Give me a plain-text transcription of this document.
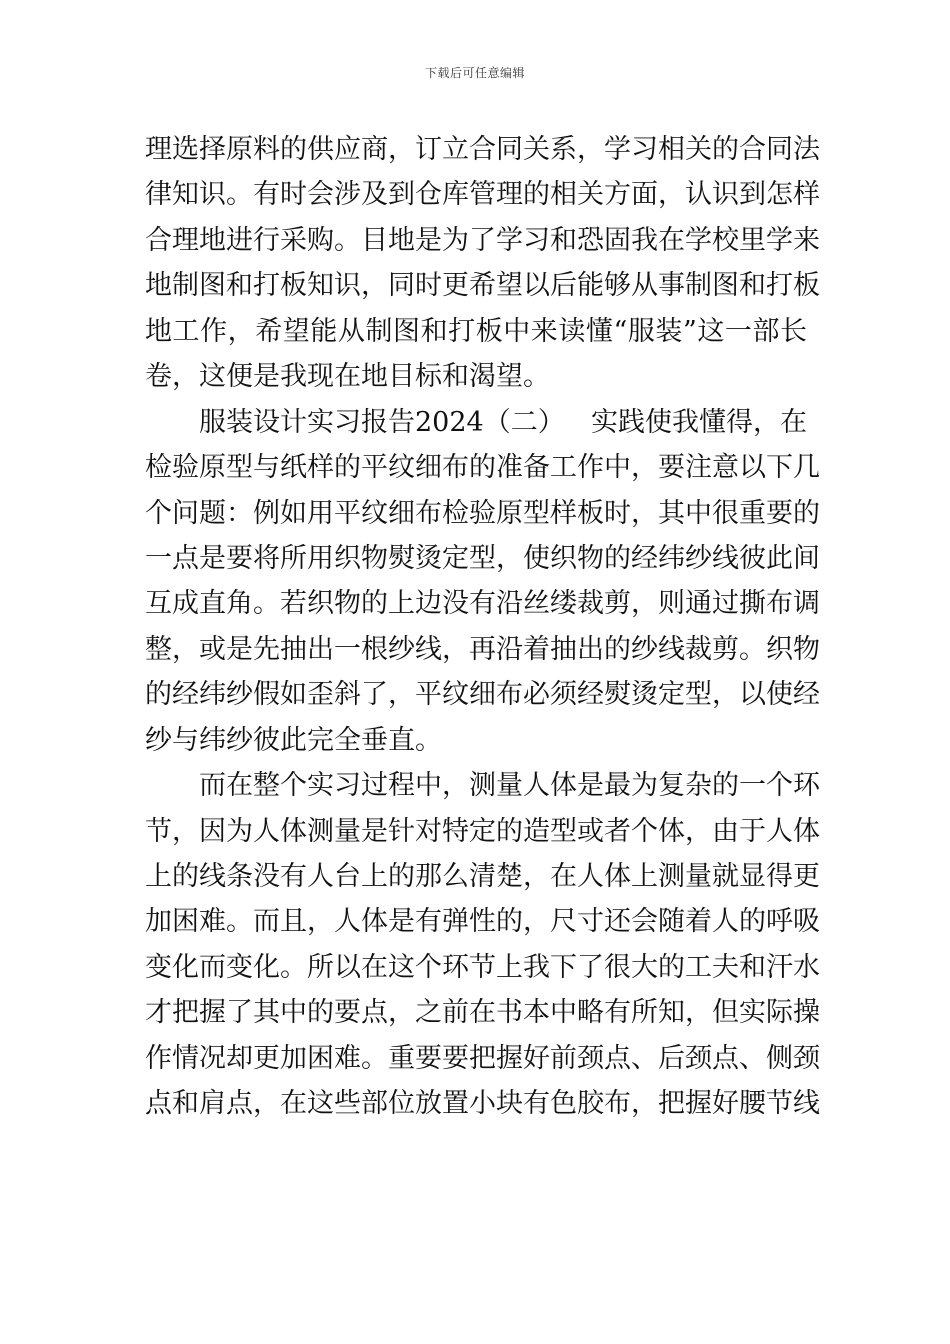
下载后可任意编辑
理选择原料的供应商，订立合同关系，学习相关的合同法
律知识。有时会涉及到仓库管理的相关方面，认识到怎样
合理地进行采购。目地是为了学习和恐固我在学校里学来
地制图和打板知识，同时更希望以后能够从事制图和打板
地工作，希望能从制图和打板中来读懂“服装”这一部长
卷，这便是我现在地目标和渴望。
服装设计实习报告2024（二） 实践使我懂得，在
检验原型与纸样的平纹细布的准备工作中，要注意以下几
个问题：例如用平纹细布检验原型样板时，其中很重要的
一点是要将所用织物熨烫定型，使织物的经纬纱线彼此间
互成直角。若织物的上边没有沿丝缕裁剪，则通过撕布调
整，或是先抽出一根纱线，再沿着抽出的纱线裁剪。织物
的经纬纱假如歪斜了，平纹细布必须经熨烫定型，以使经
纱与纬纱彼此完全垂直。
而在整个实习过程中，测量人体是最为复杂的一个环
节，因为人体测量是针对特定的造型或者个体，由于人体
上的线条没有人台上的那么清楚，在人体上测量就显得更
加困难。而且，人体是有弹性的，尺寸还会随着人的呼吸
变化而变化。所以在这个环节上我下了很大的工夫和汗水
才把握了其中的要点，之前在书本中略有所知，但实际操
作情况却更加困难。重要要把握好前颈点、后颈点、侧颈
点和肩点，在这些部位放置小块有色胶布，把握好腰节线
